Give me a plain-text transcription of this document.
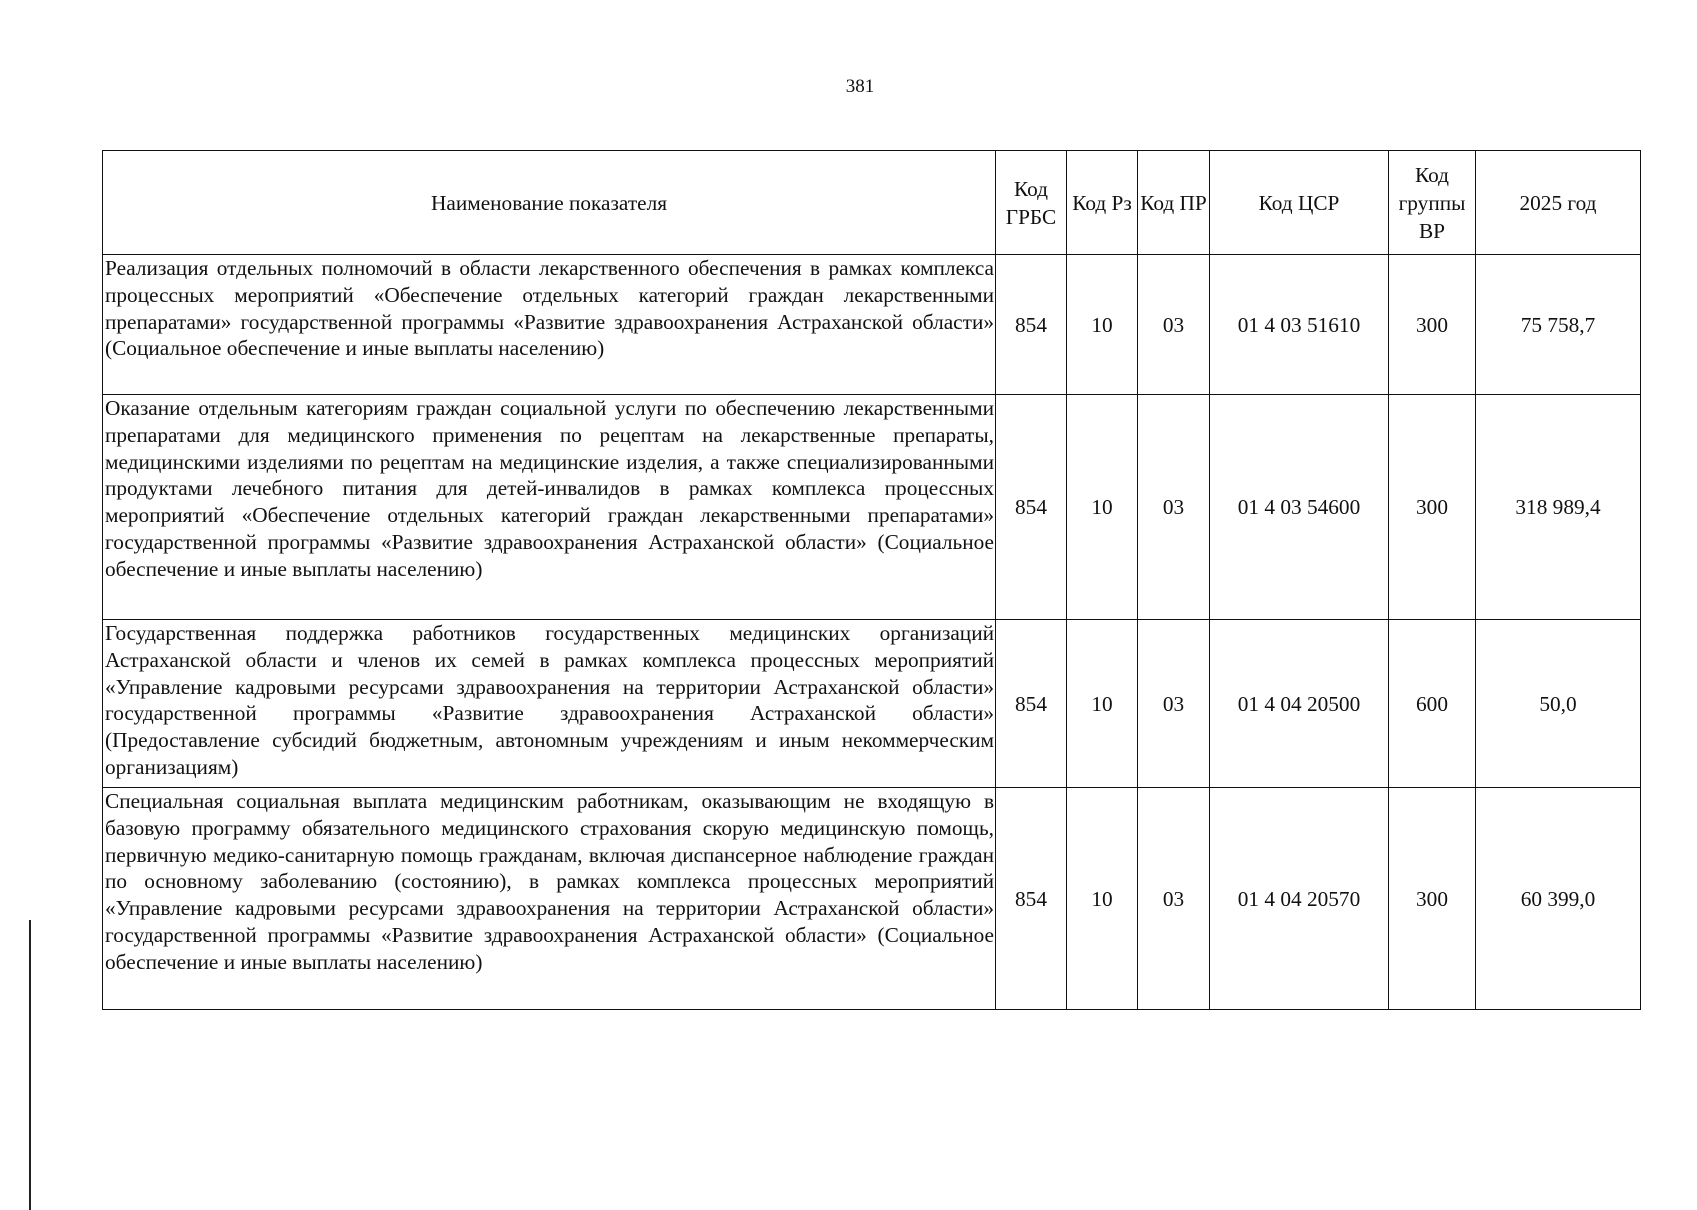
381
Наименование показателя	Код ГРБС	Код Рз	Код ПР	Код ЦСР	Код группы ВР	2025 год
Реализация отдельных полномочий в области лекарственного обеспечения в рамках комплекса процессных мероприятий «Обеспечение отдельных категорий граждан лекарственными препаратами» государственной программы «Развитие здравоохранения Астраханской области» (Социальное обеспечение и иные выплаты населению)	854	10	03	01 4 03 51610	300	75 758,7
Оказание отдельным категориям граждан социальной услуги по обеспечению лекарственными препаратами для медицинского применения по рецептам на лекарственные препараты, медицинскими изделиями по рецептам на медицинские изделия, а также специализированными продуктами лечебного питания для детей-инвалидов в рамках комплекса процессных мероприятий «Обеспечение отдельных категорий граждан лекарственными препаратами» государственной программы «Развитие здравоохранения Астраханской области» (Социальное обеспечение и иные выплаты населению)	854	10	03	01 4 03 54600	300	318 989,4
Государственная поддержка работников государственных медицинских организаций Астраханской области и членов их семей в рамках комплекса процессных мероприятий «Управление кадровыми ресурсами здравоохранения на территории Астраханской области» государственной программы «Развитие здравоохранения Астраханской области» (Предоставление субсидий бюджетным, автономным учреждениям и иным некоммерческим организациям)	854	10	03	01 4 04 20500	600	50,0
Специальная социальная выплата медицинским работникам, оказывающим не входящую в базовую программу обязательного медицинского страхования скорую медицинскую помощь, первичную медико-санитарную помощь гражданам, включая диспансерное наблюдение граждан по основному заболеванию (состоянию), в рамках комплекса процессных мероприятий «Управление кадровыми ресурсами здравоохранения на территории Астраханской области» государственной программы «Развитие здравоохранения Астраханской области» (Социальное обеспечение и иные выплаты населению)	854	10	03	01 4 04 20570	300	60 399,0
